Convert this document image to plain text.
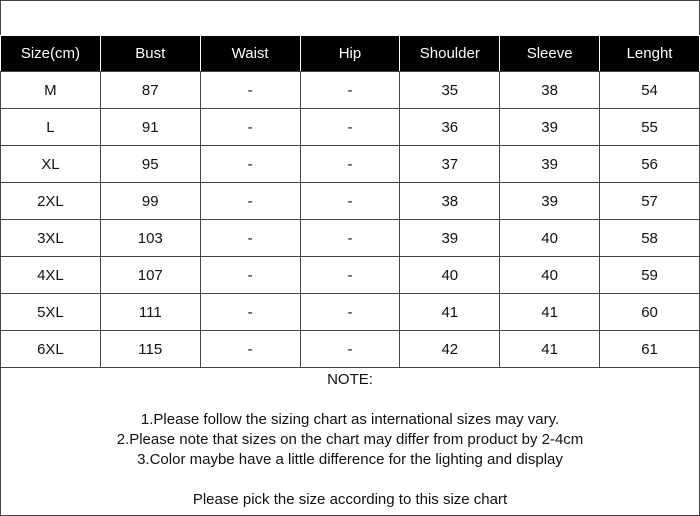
Size(cm)	Bust	Waist	Hip	Shoulder	Sleeve	Lenght
M	87	-	-	35	38	54
L	91	-	-	36	39	55
XL	95	-	-	37	39	56
2XL	99	-	-	38	39	57
3XL	103	-	-	39	40	58
4XL	107	-	-	40	40	59
5XL	111	-	-	41	41	60
6XL	115	-	-	42	41	61
NOTE:
1.Please follow the sizing chart as international sizes may vary.
2.Please note that sizes on the chart may differ from product by 2-4cm
3.Color maybe have a little difference for the lighting and display
Please pick the size according to this size chart
